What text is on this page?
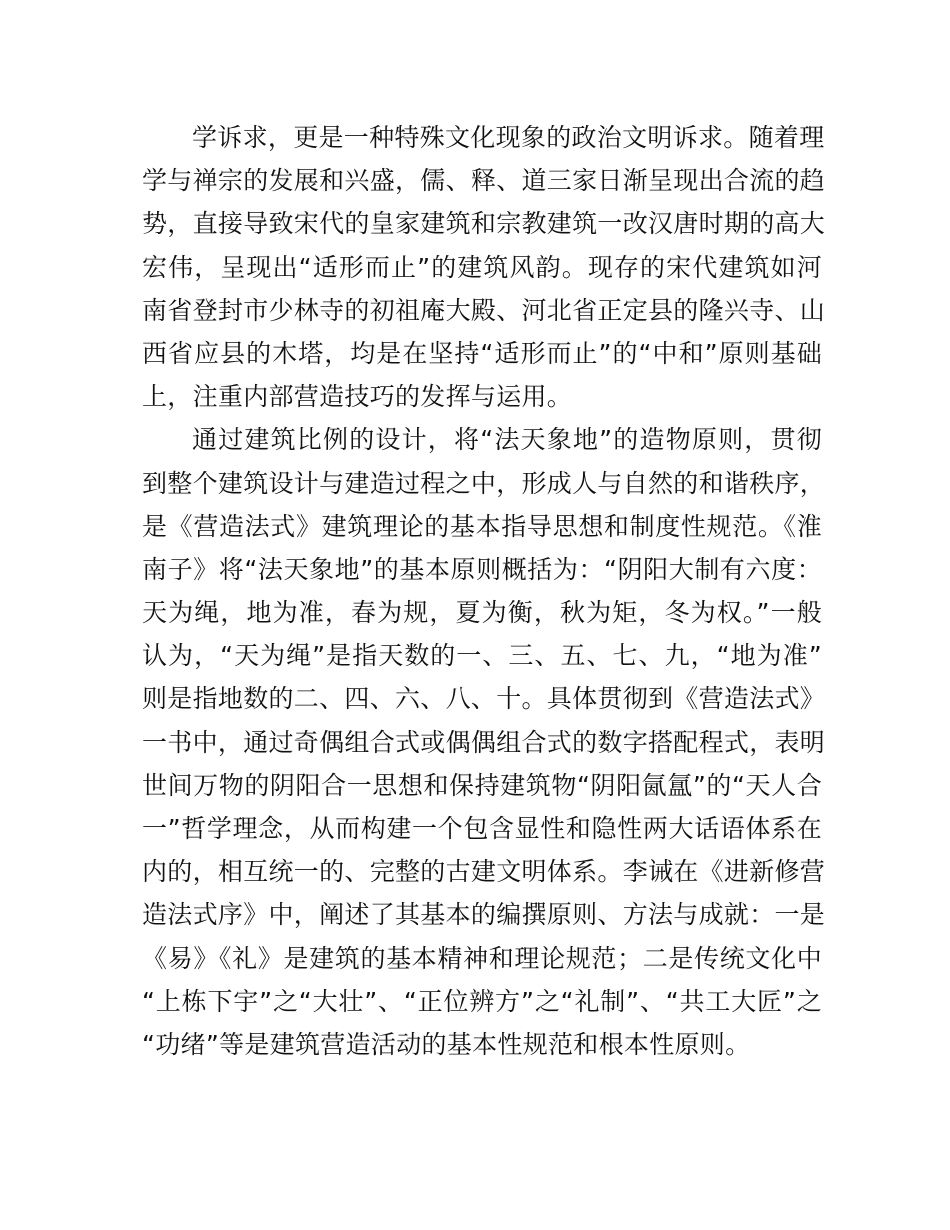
学诉求，更是一种特殊文化现象的政治文明诉求。随着理
学与禅宗的发展和兴盛，儒、释、道三家日渐呈现出合流的趋
势，直接导致宋代的皇家建筑和宗教建筑一改汉唐时期的高大
宏伟，呈现出“适形而止”的建筑风韵。现存的宋代建筑如河
南省登封市少林寺的初祖庵大殿、河北省正定县的隆兴寺、山
西省应县的木塔，均是在坚持“适形而止”的“中和”原则基础
上，注重内部营造技巧的发挥与运用。

通过建筑比例的设计，将“法天象地”的造物原则，贯彻
到整个建筑设计与建造过程之中，形成人与自然的和谐秩序，
是《营造法式》建筑理论的基本指导思想和制度性规范。《淮
南子》将“法天象地”的基本原则概括为：“阴阳大制有六度：
天为绳，地为准，春为规，夏为衡，秋为矩，冬为权。”一般
认为，“天为绳”是指天数的一、三、五、七、九，“地为准”
则是指地数的二、四、六、八、十。具体贯彻到《营造法式》
一书中，通过奇偶组合式或偶偶组合式的数字搭配程式，表明
世间万物的阴阳合一思想和保持建筑物“阴阳氤氲”的“天人合
一”哲学理念，从而构建一个包含显性和隐性两大话语体系在
内的，相互统一的、完整的古建文明体系。李诫在《进新修营
造法式序》中，阐述了其基本的编撰原则、方法与成就：一是
《易》《礼》是建筑的基本精神和理论规范；二是传统文化中
“上栋下宇”之“大壮”、“正位辨方”之“礼制”、“共工大匠”之
“功绪”等是建筑营造活动的基本性规范和根本性原则。
